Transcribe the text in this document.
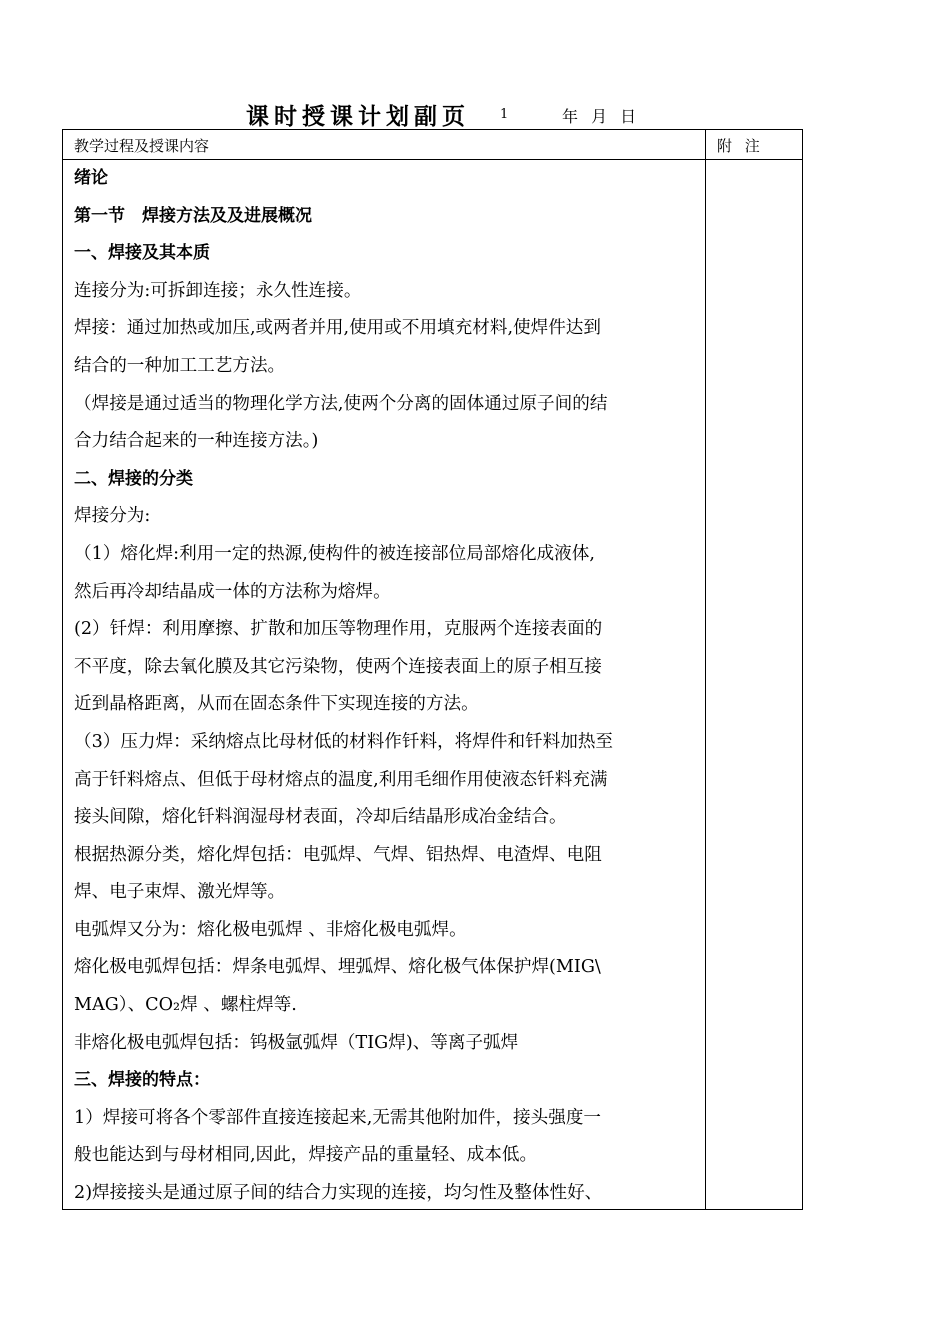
课时授课计划副页 1	年 月 日
教学过程及授课内容	附 注
绪论
第一节　焊接方法及及进展概况
一、焊接及其本质
连接分为:可拆卸连接；永久性连接。
焊接：通过加热或加压,或两者并用,使用或不用填充材料,使焊件达到
结合的一种加工工艺方法。
（焊接是通过适当的物理化学方法,使两个分离的固体通过原子间的结
合力结合起来的一种连接方法。)
二、焊接的分类
焊接分为:
（1）熔化焊:利用一定的热源,使构件的被连接部位局部熔化成液体,
然后再冷却结晶成一体的方法称为熔焊。
(2）钎焊：利用摩擦、扩散和加压等物理作用，克服两个连接表面的
不平度，除去氧化膜及其它污染物，使两个连接表面上的原子相互接
近到晶格距离，从而在固态条件下实现连接的方法。
（3）压力焊：采纳熔点比母材低的材料作钎料，将焊件和钎料加热至
高于钎料熔点、但低于母材熔点的温度,利用毛细作用使液态钎料充满
接头间隙，熔化钎料润湿母材表面，冷却后结晶形成冶金结合。
根据热源分类，熔化焊包括：电弧焊、气焊、铝热焊、电渣焊、电阻
焊、电子束焊、激光焊等。
电弧焊又分为：熔化极电弧焊 、非熔化极电弧焊。
熔化极电弧焊包括：焊条电弧焊、埋弧焊、熔化极气体保护焊(MIG\
MAG）、CO₂焊 、螺柱焊等.
非熔化极电弧焊包括：钨极氩弧焊（TIG焊)、等离子弧焊
三、焊接的特点：
1）焊接可将各个零部件直接连接起来,无需其他附加件，接头强度一
般也能达到与母材相同,因此，焊接产品的重量轻、成本低。
2)焊接接头是通过原子间的结合力实现的连接，均匀性及整体性好、
